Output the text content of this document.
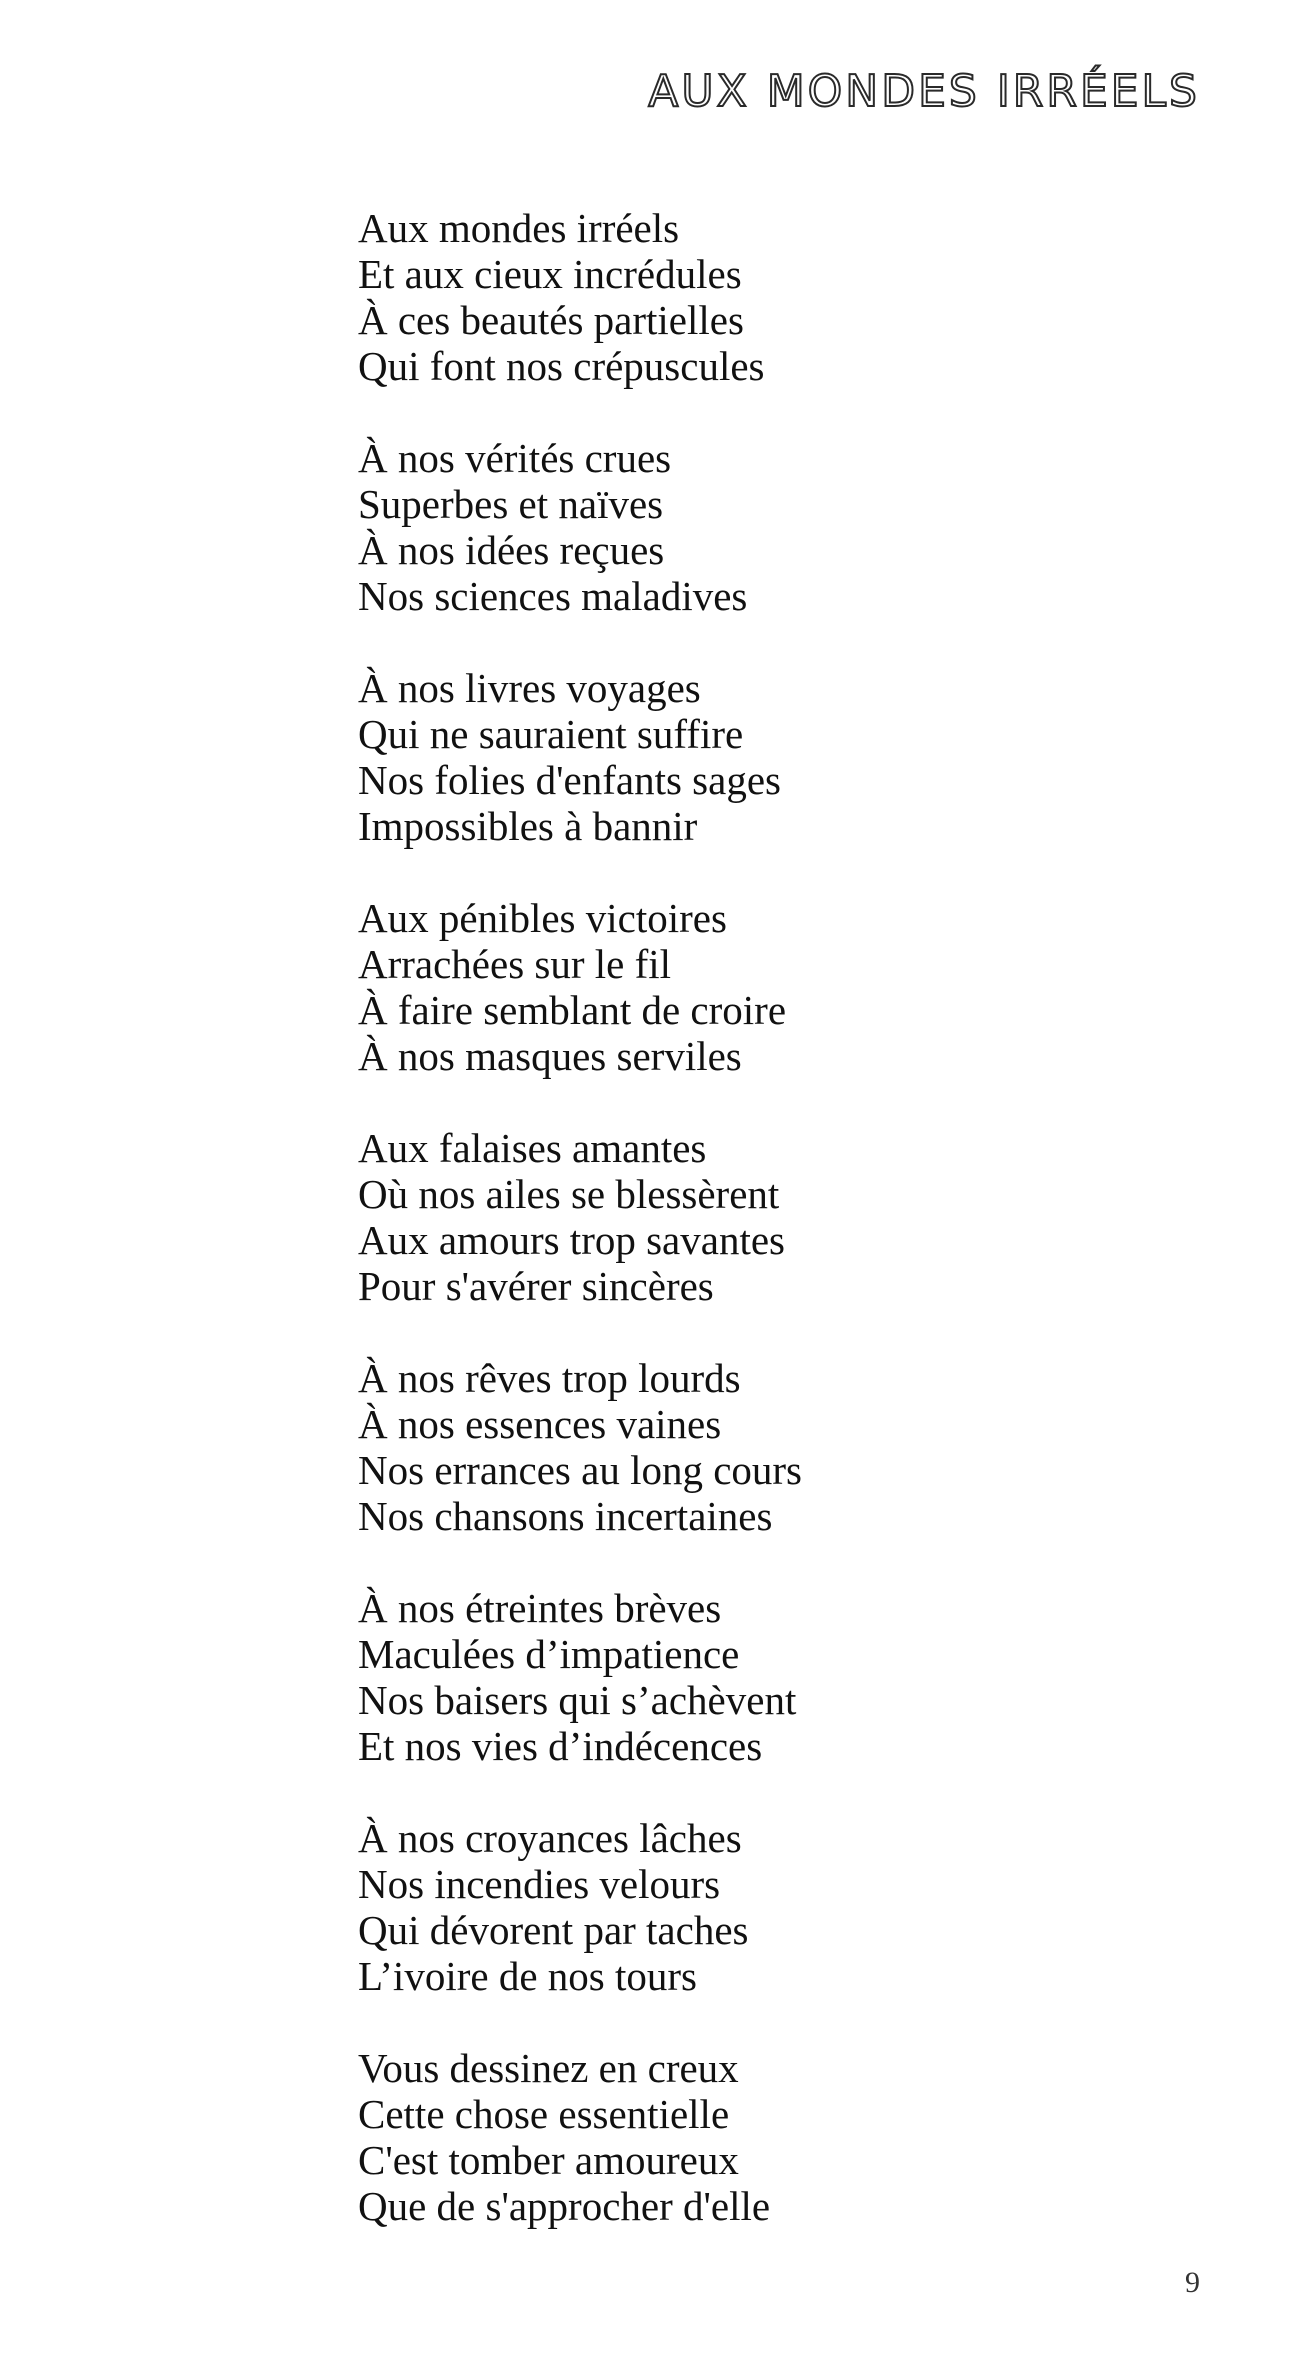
AUX MONDES IRRÉELS
Aux mondes irréels
Et aux cieux incrédules
À ces beautés partielles
Qui font nos crépuscules
À nos vérités crues
Superbes et naïves
À nos idées reçues
Nos sciences maladives
À nos livres voyages
Qui ne sauraient suffire
Nos folies d'enfants sages
Impossibles à bannir
Aux pénibles victoires
Arrachées sur le fil
À faire semblant de croire
À nos masques serviles
Aux falaises amantes
Où nos ailes se blessèrent
Aux amours trop savantes
Pour s'avérer sincères
À nos rêves trop lourds
À nos essences vaines
Nos errances au long cours
Nos chansons incertaines
À nos étreintes brèves
Maculées d’impatience
Nos baisers qui s’achèvent
Et nos vies d’indécences
À nos croyances lâches
Nos incendies velours
Qui dévorent par taches
L’ivoire de nos tours
Vous dessinez en creux
Cette chose essentielle
C'est tomber amoureux
Que de s'approcher d'elle
9
